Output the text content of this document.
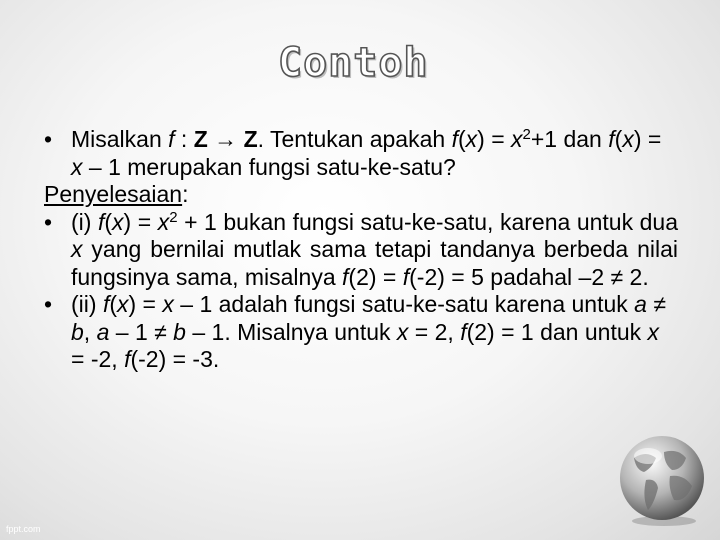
Contoh
• Misalkan f : Z → Z. Tentukan apakah $f(x) = x^2+1$ dan f(x) = x – 1 merupakan fungsi satu-ke-satu?
Penyelesaian:
• (i) $f(x) = x^2 + 1$ bukan fungsi satu-ke-satu, karena untuk dua x yang bernilai mutlak sama tetapi tandanya berbeda nilai fungsinya sama, misalnya f(2) = f(-2) = 5 padahal –2 ≠ 2.
• (ii) f(x) = x – 1 adalah fungsi satu-ke-satu karena untuk a ≠ b, a – 1 ≠ b – 1. Misalnya untuk x = 2, f(2) = 1 dan untuk x = -2, f(-2) = -3.
fppt.com
